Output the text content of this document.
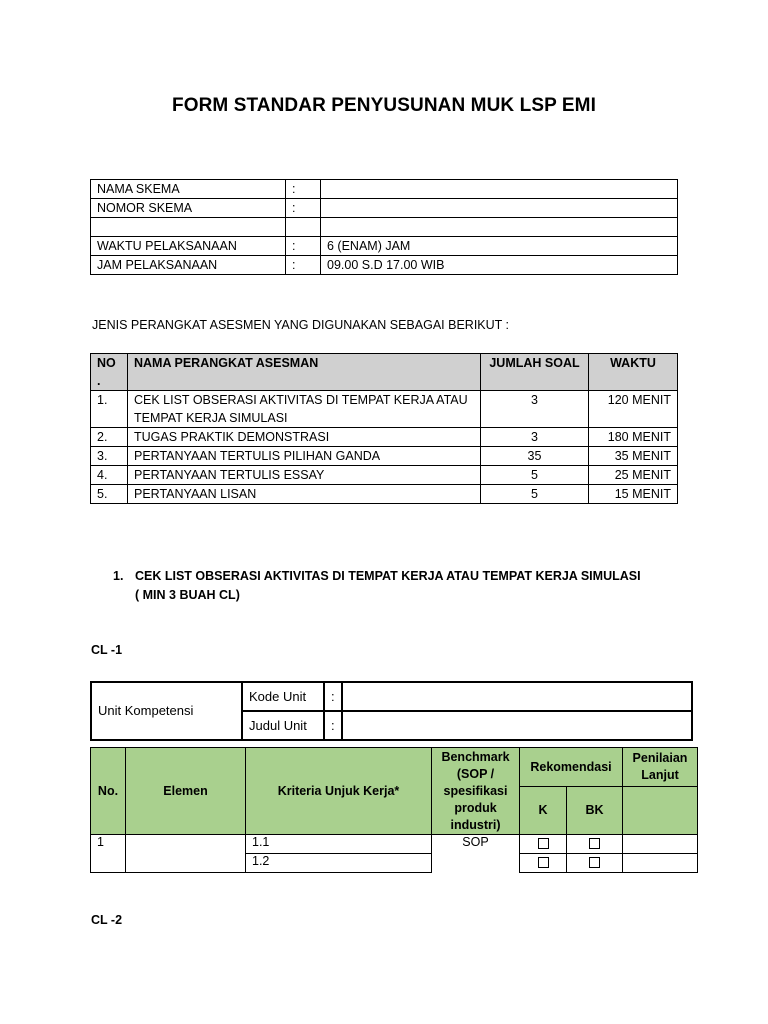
FORM STANDAR PENYUSUNAN MUK LSP EMI
NAMA SKEMA	:	
NOMOR SKEMA	:	

WAKTU PELAKSANAAN	:	6 (ENAM) JAM
JAM PELAKSANAAN	:	09.00 S.D 17.00 WIB
JENIS PERANGKAT ASESMEN YANG DIGUNAKAN SEBAGAI BERIKUT :
NO .	NAMA PERANGKAT ASESMAN	JUMLAH SOAL	WAKTU
1.	CEK LIST OBSERASI AKTIVITAS DI TEMPAT KERJA ATAU TEMPAT KERJA SIMULASI	3	120 MENIT
2.	TUGAS PRAKTIK DEMONSTRASI	3	180 MENIT
3.	PERTANYAAN TERTULIS PILIHAN GANDA	35	35 MENIT
4.	PERTANYAAN TERTULIS ESSAY	5	25 MENIT
5.	PERTANYAAN LISAN	5	15 MENIT
1. CEK LIST OBSERASI AKTIVITAS DI TEMPAT KERJA ATAU TEMPAT KERJA SIMULASI
( MIN 3 BUAH CL)
CL -1
Unit Kompetensi	Kode Unit	:	
	Judul Unit	:	
No.	Elemen	Kriteria Unjuk Kerja*	Benchmark (SOP / spesifikasi produk industri)	Rekomendasi		Penilaian Lanjut
				K	BK	
1		1.1	SOP			
		1.2				
CL -2
